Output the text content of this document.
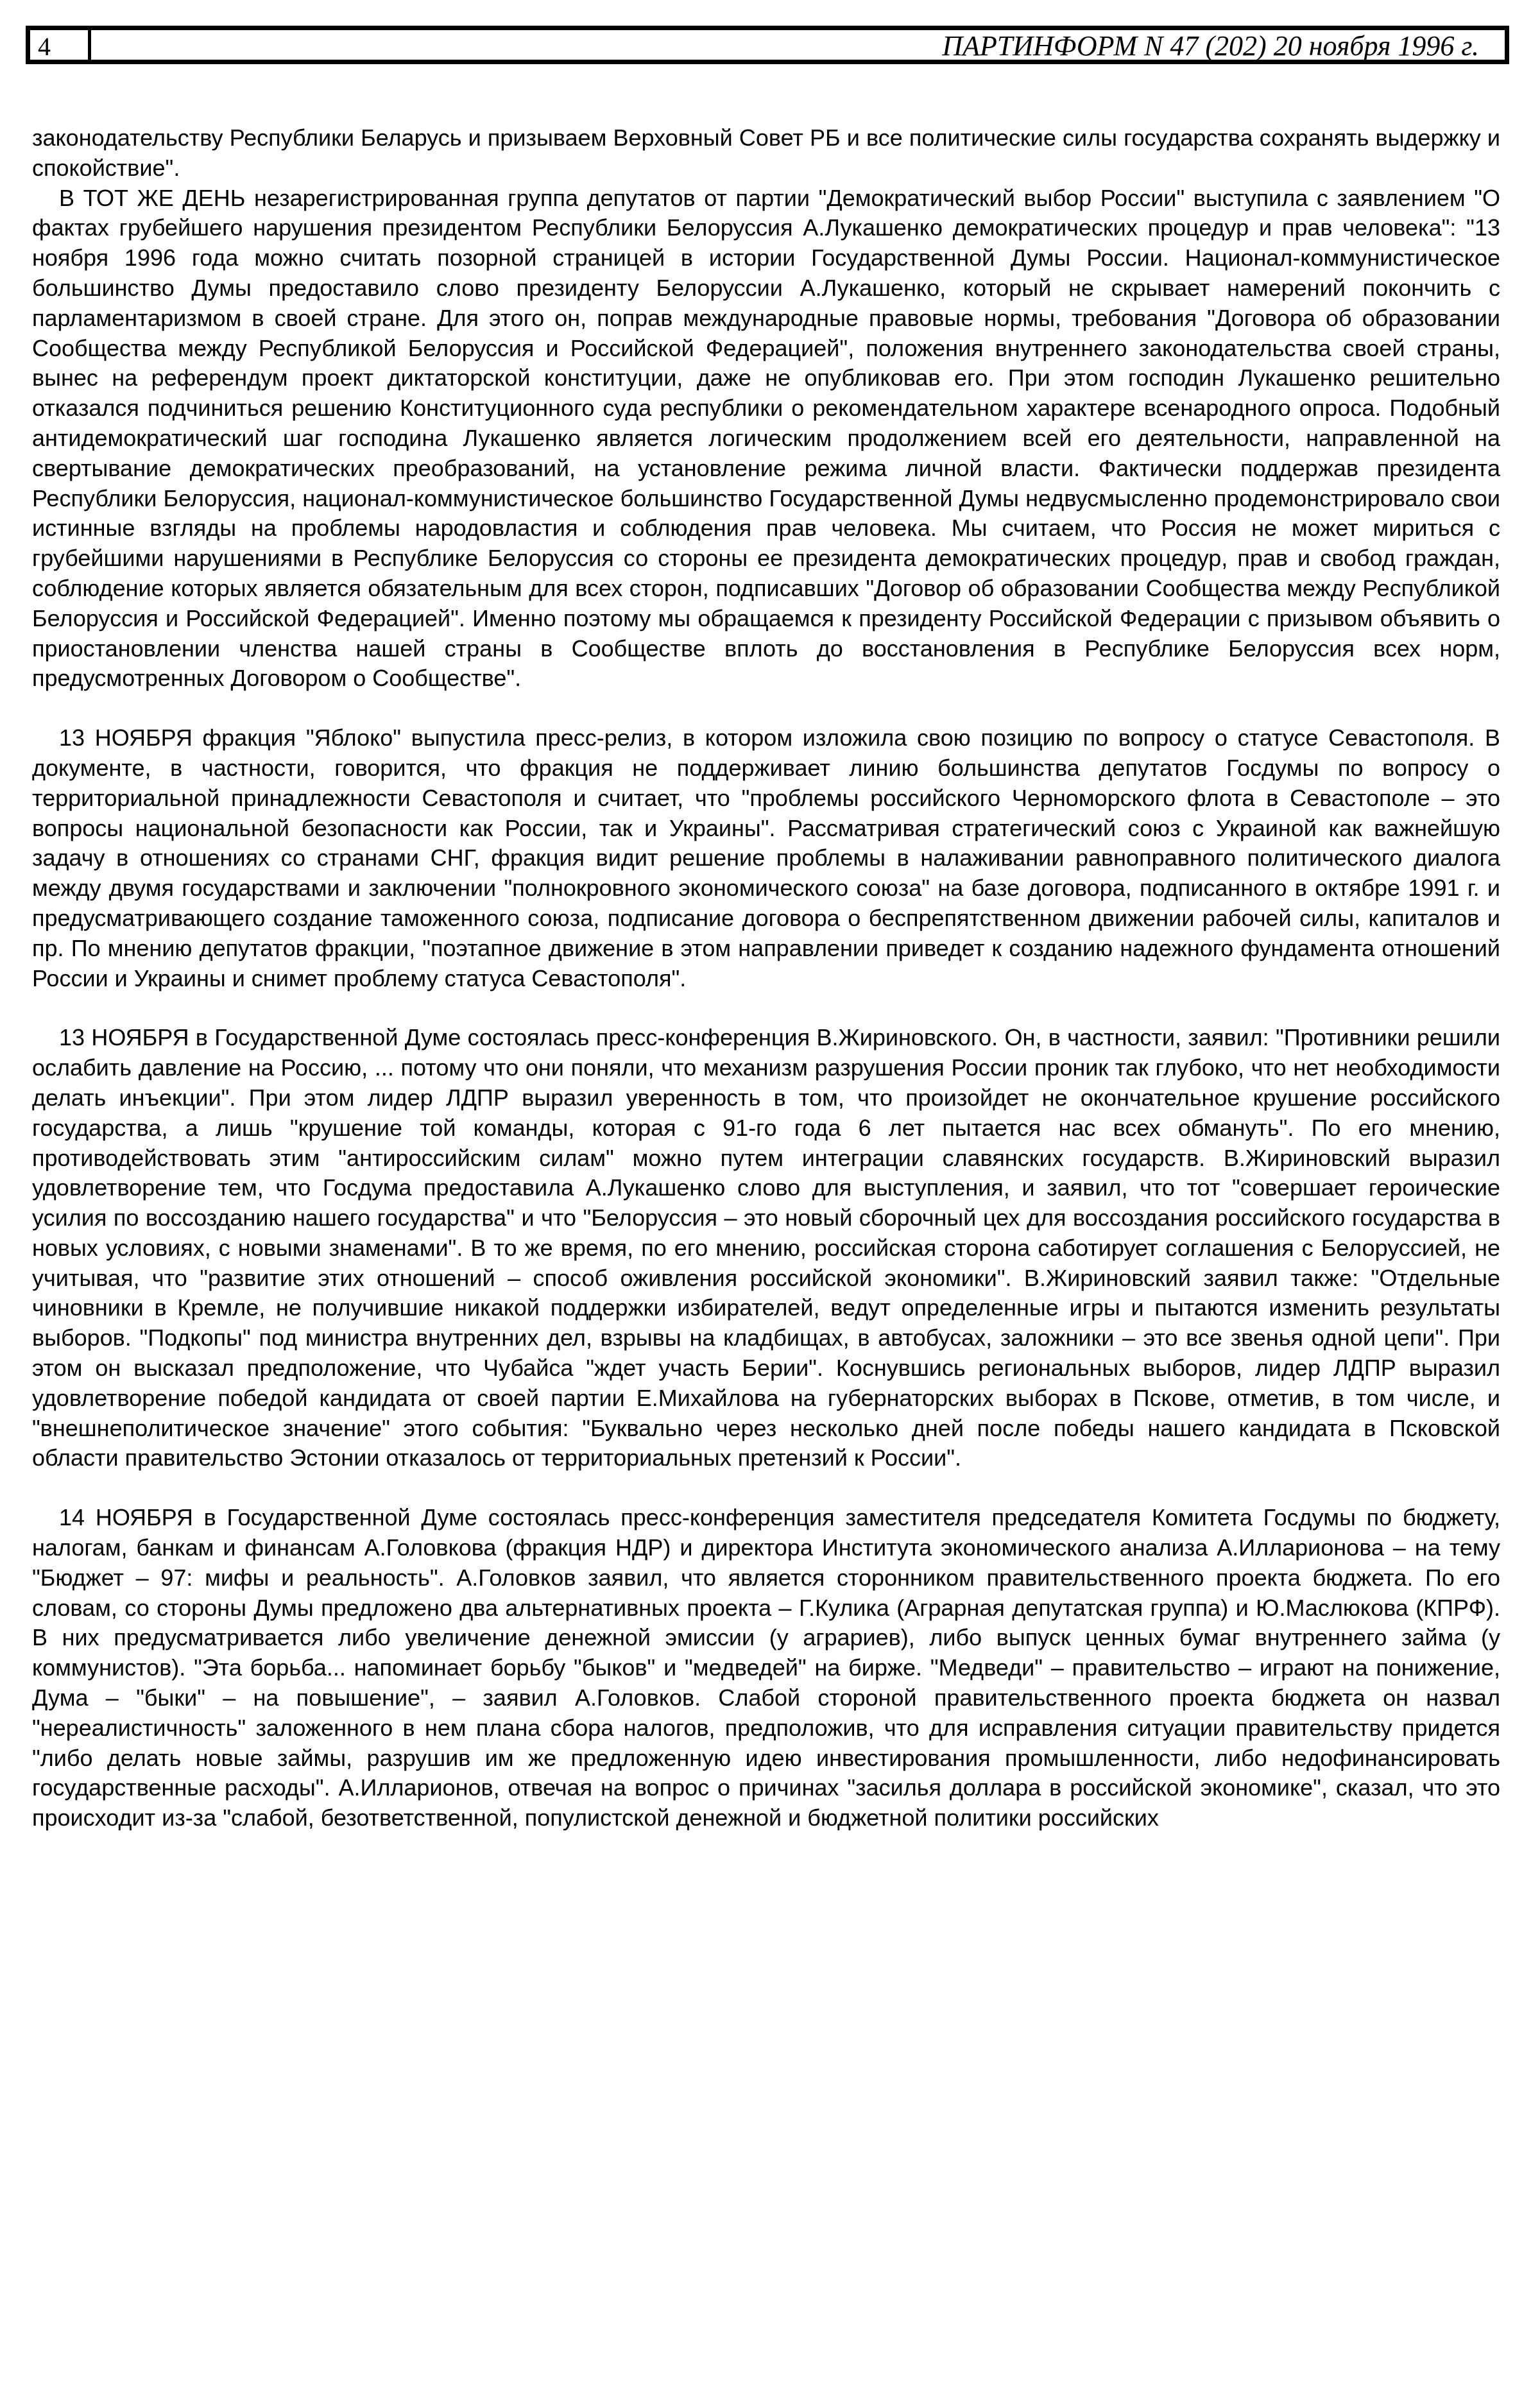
4	ПАРТИНФОРМ N 47 (202) 20 ноября 1996 г.

законодательству Республики Беларусь и призываем Верховный Совет РБ и все политические силы государства сохранять выдержку и спокойствие".

В ТОТ ЖЕ ДЕНЬ незарегистрированная группа депутатов от партии "Демократический выбор России" выступила с заявлением "О фактах грубейшего нарушения президентом Республики Белоруссия А.Лукашенко демократических процедур и прав человека": "13 ноября 1996 года можно считать позорной страницей в истории Государственной Думы России. Национал-коммунистическое большинство Думы предоставило слово президенту Белоруссии А.Лукашенко, который не скрывает намерений покончить с парламентаризмом в своей стране. Для этого он, поправ международные правовые нормы, требования "Договора об образовании Сообщества между Республикой Белоруссия и Российской Федерацией", положения внутреннего законодательства своей страны, вынес на референдум проект диктаторской конституции, даже не опубликовав его. При этом господин Лукашенко решительно отказался подчиниться решению Конституционного суда республики о рекомендательном характере всенародного опроса. Подобный антидемократический шаг господина Лукашенко является логическим продолжением всей его деятельности, направленной на свертывание демократических преобразований, на установление режима личной власти. Фактически поддержав президента Республики Белоруссия, национал-коммунистическое большинство Государственной Думы недвусмысленно продемонстрировало свои истинные взгляды на проблемы народовластия и соблюдения прав человека. Мы считаем, что Россия не может мириться с грубейшими нарушениями в Республике Белоруссия со стороны ее президента демократических процедур, прав и свобод граждан, соблюдение которых является обязательным для всех сторон, подписавших "Договор об образовании Сообщества между Республикой Белоруссия и Российской Федерацией". Именно поэтому мы обращаемся к президенту Российской Федерации с призывом объявить о приостановлении членства нашей страны в Сообществе вплоть до восстановления в Республике Белоруссия всех норм, предусмотренных Договором о Сообществе".

13 НОЯБРЯ фракция "Яблоко" выпустила пресс-релиз, в котором изложила свою позицию по вопросу о статусе Севастополя. В документе, в частности, говорится, что фракция не поддерживает линию большинства депутатов Госдумы по вопросу о территориальной принадлежности Севастополя и считает, что "проблемы российского Черноморского флота в Севастополе – это вопросы национальной безопасности как России, так и Украины". Рассматривая стратегический союз с Украиной как важнейшую задачу в отношениях со странами СНГ, фракция видит решение проблемы в налаживании равноправного политического диалога между двумя государствами и заключении "полнокровного экономического союза" на базе договора, подписанного в октябре 1991 г. и предусматривающего создание таможенного союза, подписание договора о беспрепятственном движении рабочей силы, капиталов и пр. По мнению депутатов фракции, "поэтапное движение в этом направлении приведет к созданию надежного фундамента отношений России и Украины и снимет проблему статуса Севастополя".

13 НОЯБРЯ в Государственной Думе состоялась пресс-конференция В.Жириновского. Он, в частности, заявил: "Противники решили ослабить давление на Россию, ... потому что они поняли, что механизм разрушения России проник так глубоко, что нет необходимости делать инъекции". При этом лидер ЛДПР выразил уверенность в том, что произойдет не окончательное крушение российского государства, а лишь "крушение той команды, которая с 91-го года 6 лет пытается нас всех обмануть". По его мнению, противодействовать этим "антироссийским силам" можно путем интеграции славянских государств. В.Жириновский выразил удовлетворение тем, что Госдума предоставила А.Лукашенко слово для выступления, и заявил, что тот "совершает героические усилия по воссозданию нашего государства" и что "Белоруссия – это новый сборочный цех для воссоздания российского государства в новых условиях, с новыми знаменами". В то же время, по его мнению, российская сторона саботирует соглашения с Белоруссией, не учитывая, что "развитие этих отношений – способ оживления российской экономики". В.Жириновский заявил также: "Отдельные чиновники в Кремле, не получившие никакой поддержки избирателей, ведут определенные игры и пытаются изменить результаты выборов. "Подкопы" под министра внутренних дел, взрывы на кладбищах, в автобусах, заложники – это все звенья одной цепи". При этом он высказал предположение, что Чубайса "ждет участь Берии". Коснувшись региональных выборов, лидер ЛДПР выразил удовлетворение победой кандидата от своей партии Е.Михайлова на губернаторских выборах в Пскове, отметив, в том числе, и "внешнеполитическое значение" этого события: "Буквально через несколько дней после победы нашего кандидата в Псковской области правительство Эстонии отказалось от территориальных претензий к России".

14 НОЯБРЯ в Государственной Думе состоялась пресс-конференция заместителя председателя Комитета Госдумы по бюджету, налогам, банкам и финансам А.Головкова (фракция НДР) и директора Института экономического анализа А.Илларионова – на тему "Бюджет – 97: мифы и реальность". А.Головков заявил, что является сторонником правительственного проекта бюджета. По его словам, со стороны Думы предложено два альтернативных проекта – Г.Кулика (Аграрная депутатская группа) и Ю.Маслюкова (КПРФ). В них предусматривается либо увеличение денежной эмиссии (у аграриев), либо выпуск ценных бумаг внутреннего займа (у коммунистов). "Эта борьба... напоминает борьбу "быков" и "медведей" на бирже. "Медведи" – правительство – играют на понижение, Дума – "быки" – на повышение", – заявил А.Головков. Слабой стороной правительственного проекта бюджета он назвал "нереалистичность" заложенного в нем плана сбора налогов, предположив, что для исправления ситуации правительству придется "либо делать новые займы, разрушив им же предложенную идею инвестирования промышленности, либо недофинансировать государственные расходы". А.Илларионов, отвечая на вопрос о причинах "засилья доллара в российской экономике", сказал, что это происходит из-за "слабой, безответственной, популистской денежной и бюджетной политики российских
